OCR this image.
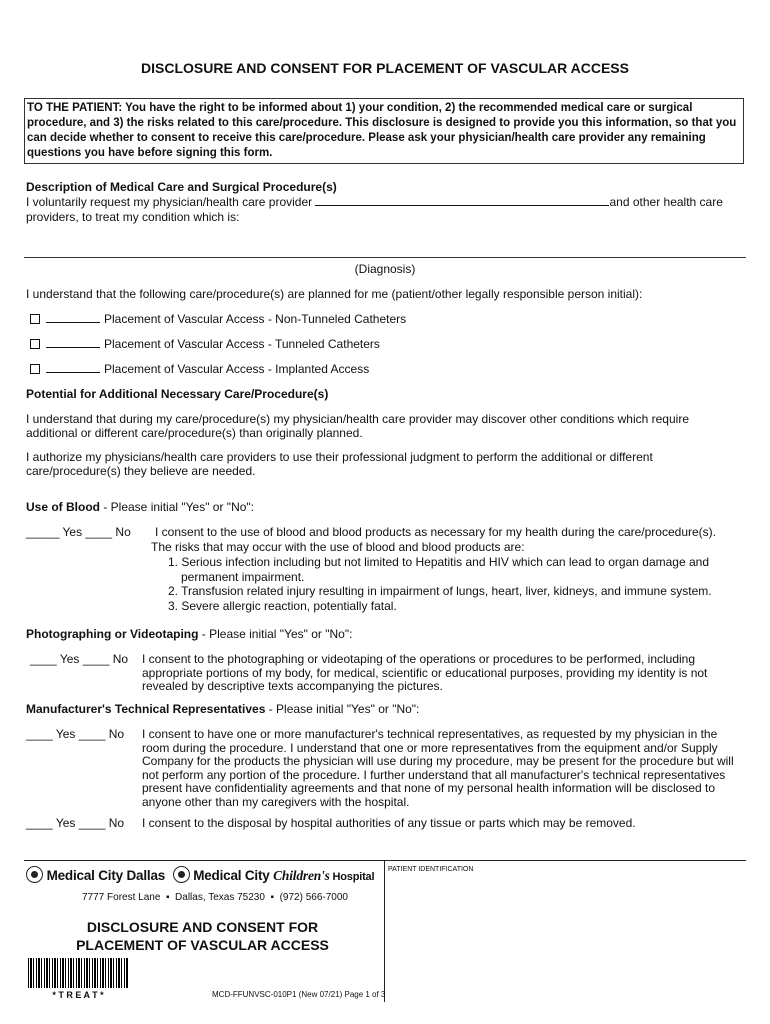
DISCLOSURE AND CONSENT FOR PLACEMENT OF VASCULAR ACCESS
TO THE PATIENT: You have the right to be informed about 1) your condition, 2) the recommended medical care or surgical procedure, and 3) the risks related to this care/procedure. This disclosure is designed to provide you this information, so that you can decide whether to consent to receive this care/procedure. Please ask your physician/health care provider any remaining questions you have before signing this form.
Description of Medical Care and Surgical Procedure(s)
I voluntarily request my physician/health care provider	and other health care
providers, to treat my condition which is:
(Diagnosis)
I understand that the following care/procedure(s) are planned for me (patient/other legally responsible person initial):
Placement of Vascular Access - Non-Tunneled Catheters
Placement of Vascular Access - Tunneled Catheters
Placement of Vascular Access - Implanted Access
Potential for Additional Necessary Care/Procedure(s)
I understand that during my care/procedure(s) my physician/health care provider may discover other conditions which require additional or different care/procedure(s) than originally planned.
I authorize my physicians/health care providers to use their professional judgment to perform the additional or different care/procedure(s) they believe are needed.
Use of Blood - Please initial "Yes" or "No":
_____ Yes ____ No I consent to the use of blood and blood products as necessary for my health during the care/procedure(s).
The risks that may occur with the use of blood and blood products are:
1. Serious infection including but not limited to Hepatitis and HIV which can lead to organ damage and
permanent impairment.
2. Transfusion related injury resulting in impairment of lungs, heart, liver, kidneys, and immune system.
3. Severe allergic reaction, potentially fatal.
Photographing or Videotaping - Please initial "Yes" or "No":
____ Yes ____ No I consent to the photographing or videotaping of the operations or procedures to be performed, including appropriate portions of my body, for medical, scientific or educational purposes, providing my identity is not revealed by descriptive texts accompanying the pictures.
Manufacturer's Technical Representatives - Please initial "Yes" or "No":
____ Yes ____ No I consent to have one or more manufacturer's technical representatives, as requested by my physician in the room during the procedure. I understand that one or more representatives from the equipment and/or Supply Company for the products the physician will use during my procedure, may be present for the procedure but will not perform any portion of the procedure. I further understand that all manufacturer's technical representatives present have confidentiality agreements and that none of my personal health information will be disclosed to anyone other than my caregivers with the hospital.
____ Yes ____ No I consent to the disposal by hospital authorities of any tissue or parts which may be removed.
PATIENT IDENTIFICATION
Medical City Dallas Medical City Children's Hospital
7777 Forest Lane  ▪  Dallas, Texas 75230  ▪  (972) 566-7000
DISCLOSURE AND CONSENT FOR
PLACEMENT OF VASCULAR ACCESS
* T R E A T *	MCD-FFUNVSC-010P1 (New 07/21) Page 1 of 3
